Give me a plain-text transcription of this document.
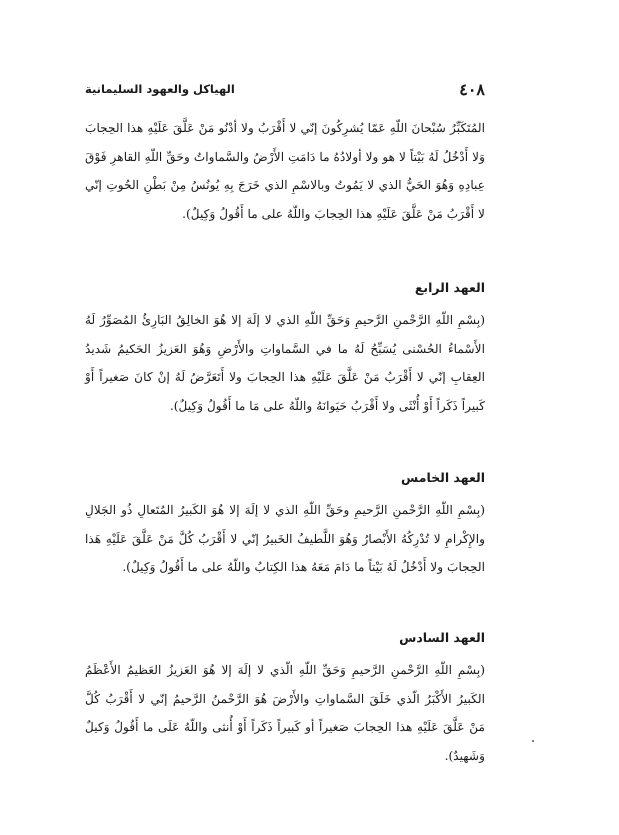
٤٠٨
الهياكل والعهود السليمانية

المُتَكَبِّرُ سُبْحانَ اللّهِ عَمّا يُشرِكُونَ إنّي لا أَقْرَبُ ولا أدْنُو مَنْ عَلَّقَ عَلَيْهِ هذا الحِجابَ وَلا أَدْخُلُ لَهُ بَيْتاً لا هو ولا أولادُهُ ما دَامَتِ الأَرْضُ والسَّماواتُ وحَقِّ اللّهِ القاهرِ فَوْقَ عِبادِهِ وَهُوَ الحَيُّ الذي لا يَمُوتُ وبالاسْمِ الذي خَرَجَ بِهِ يُونُسُ مِنْ بَطْنِ الحُوتِ إنّي لا أَقْرَبُ مَنْ عَلَّقَ عَلَيْهِ هذا الحِجابَ واللّهُ على ما أَقُولُ وَكِيلٌ).

العهد الرابع

(بِسْمِ اللّهِ الرَّحْمنِ الرَّحيمِ وَحَقِّ اللّهِ الذي لا إلَهَ إلا هُوَ الخالِقُ البَارِئُ المُصَوِّرُ لَهُ الأَسْماءُ الحُسْنى يُسَبِّحُ لَهُ ما في السَّماواتِ والأَرْضِ وَهُوَ العَزيزُ الحَكيمُ شَديدُ العِقابِ إنّي لا أَقْرَبُ مَنْ عَلَّقَ عَلَيْهِ هذا الحِجابَ ولا أَتَعَرَّضُ لَهُ إنْ كانَ صَغيراً أَوْ كَبيراً ذَكَراً أَوْ أُنْثَى ولا أَقْرَبُ حَيَوانَهُ واللّهُ على مَا ما أَقُولُ وَكِيلٌ).

العهد الخامس

(بِسْمِ اللّهِ الرَّحْمنِ الرَّحيمِ وحَقِّ اللّهِ الذي لا إلَهَ إلا هُوَ الكَبيرُ المُتَعالِ ذُو الجَلالِ والإِكْرامِ لا تُدْرِكُهُ الأَبْصارُ وَهُوَ اللَّطيفُ الخَبيرُ إنّي لا أَقْرَبُ كُلَّ مَنْ عَلَّقَ عَلَيْهِ هَذا الحِجابَ ولا أَدْخُلُ لَهُ بَيْتاً ما دَامَ مَعَهُ هذا الكِتابُ واللّهُ على ما أَقُولُ وَكِيلٌ).

العهد السادس

(بِسْمِ اللّهِ الرَّحْمنِ الرَّحيمِ وَحَقِّ اللّهِ الّذي لا إلَهَ إلا هُوَ العَزيزُ العَظيمُ الأَعْظَمُ الكَبيرُ الأَكْبَرُ الّذي خَلَقَ السَّماواتِ والأَرْضَ هُوَ الرَّحْمنُ الرَّحيمُ إنّي لا أَقْرَبُ كُلَّ مَنْ عَلَّقَ عَلَيْهِ هذا الحِجابَ صَغيراً أو كَبيراً ذَكَراً أَوْ أُنثى واللّهُ عَلَى ما أَقُولُ وَكيلٌ وَشَهيدٌ).
